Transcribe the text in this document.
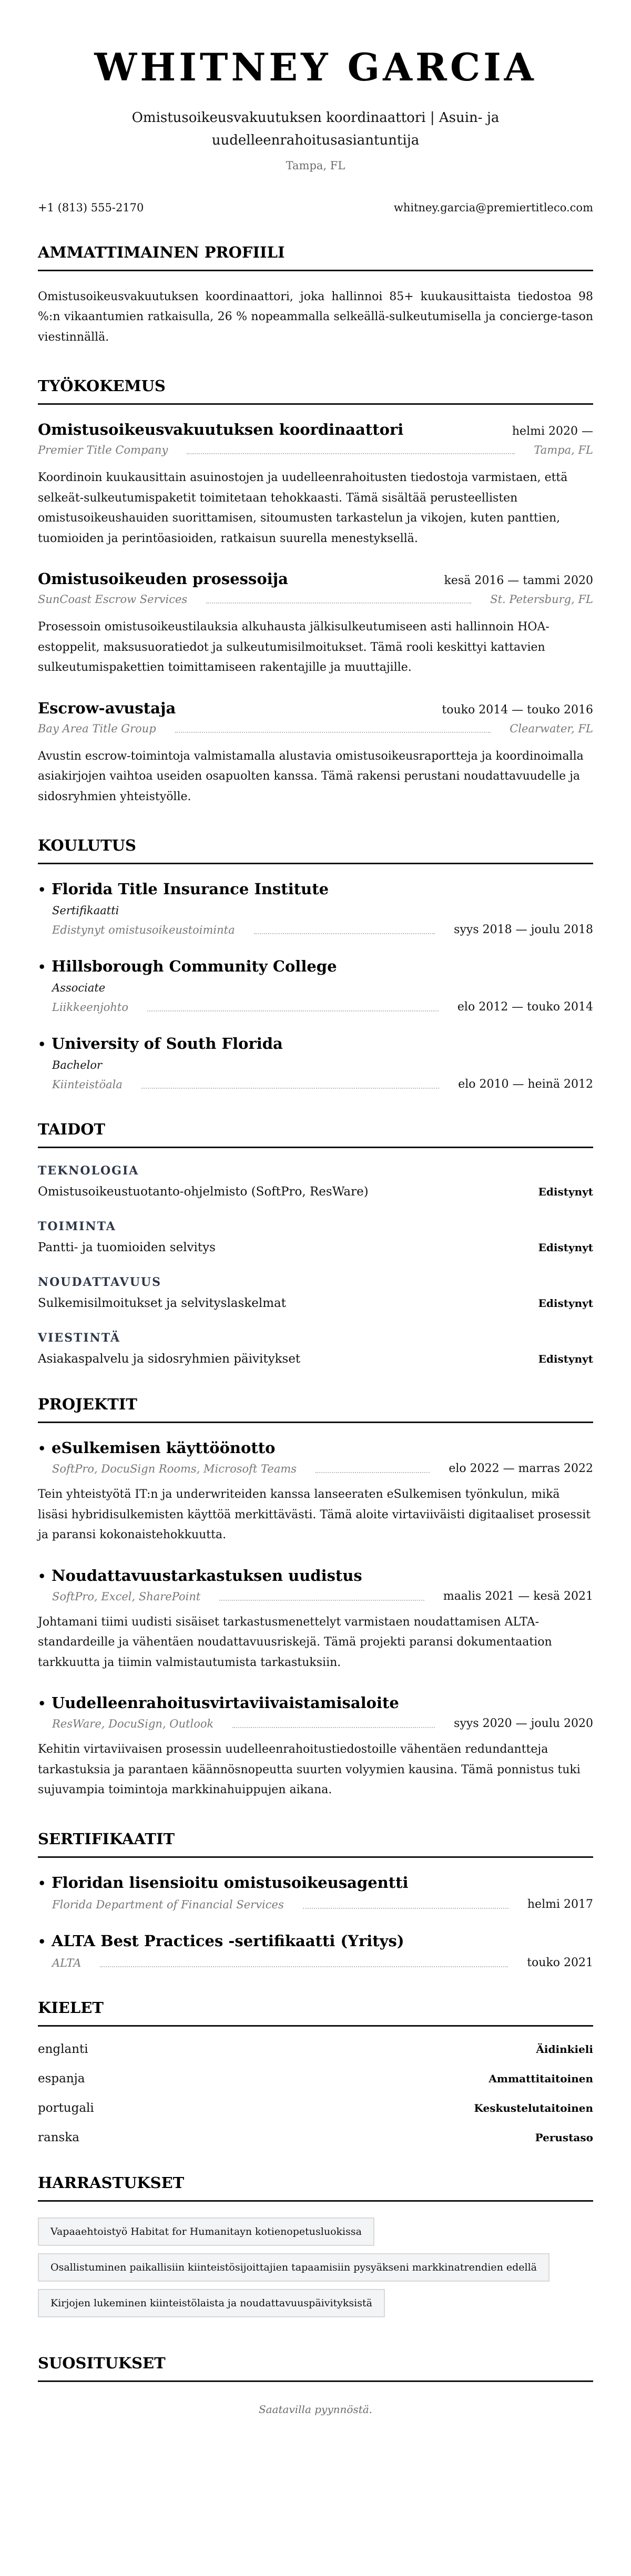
WHITNEY GARCIA
Omistusoikeusvakuutuksen koordinaattori | Asuin- ja uudelleenrahoitusasiantuntija
Tampa, FL
+1 (813) 555-2170	whitney.garcia@premiertitleco.com
AMMATTIMAINEN PROFIILI

Omistusoikeusvakuutuksen koordinaattori, joka hallinnoi 85+ kuukausittaista tiedostoa 98 %:n vikaantumien ratkaisulla, 26 % nopeammalla selkeällä-sulkeutumisella ja concierge-tason viestinnällä.

TYÖKOKEMUS
Omistusoikeusvakuutuksen koordinaattori	helmi 2020 —
Premier Title Company	Tampa, FL

Koordinoin kuukausittain asuinostojen ja uudelleenrahoitusten tiedostoja varmistaen, että selkeät-sulkeutumispaketit toimitetaan tehokkaasti. Tämä sisältää perusteellisten omistusoikeushauiden suorittamisen, sitoumusten tarkastelun ja vikojen, kuten panttien, tuomioiden ja perintöasioiden, ratkaisun suurella menestyksellä.

Omistusoikeuden prosessoija	kesä 2016 — tammi 2020
SunCoast Escrow Services	St. Petersburg, FL

Prosessoin omistusoikeustilauksia alkuhausta jälkisulkeutumiseen asti hallinnoin HOA-estoppelit, maksusuoratiedot ja sulkeutumisilmoitukset. Tämä rooli keskittyi kattavien sulkeutumispakettien toimittamiseen rakentajille ja muuttajille.

Escrow-avustaja	touko 2014 — touko 2016
Bay Area Title Group	Clearwater, FL

Avustin escrow-toimintoja valmistamalla alustavia omistusoikeusraportteja ja koordinoimalla asiakirjojen vaihtoa useiden osapuolten kanssa. Tämä rakensi perustani noudattavuudelle ja sidosryhmien yhteistyölle.

KOULUTUS
• Florida Title Insurance Institute
Sertifikaatti
Edistynyt omistusoikeustoiminta	syys 2018 — joulu 2018
• Hillsborough Community College
Associate
Liikkeenjohto	elo 2012 — touko 2014
• University of South Florida
Bachelor
Kiinteistöala	elo 2010 — heinä 2012
TAIDOT
TEKNOLOGIA
Omistusoikeustuotanto-ohjelmisto (SoftPro, ResWare)	Edistynyt
TOIMINTA
Pantti- ja tuomioiden selvitys	Edistynyt
NOUDATTAVUUS
Sulkemisilmoitukset ja selvityslaskelmat	Edistynyt
VIESTINTÄ
Asiakaspalvelu ja sidosryhmien päivitykset	Edistynyt
PROJEKTIT
• eSulkemisen käyttöönotto
SoftPro, DocuSign Rooms, Microsoft Teams	elo 2022 — marras 2022

Tein yhteistyötä IT:n ja underwriteiden kanssa lanseeraten eSulkemisen työnkulun, mikä lisäsi hybridisulkemisten käyttöä merkittävästi. Tämä aloite virtaviiväisti digitaaliset prosessit ja paransi kokonaistehokkuutta.

• Noudattavuustarkastuksen uudistus
SoftPro, Excel, SharePoint	maalis 2021 — kesä 2021

Johtamani tiimi uudisti sisäiset tarkastusmenettelyt varmistaen noudattamisen ALTA-standardeille ja vähentäen noudattavuusriskejä. Tämä projekti paransi dokumentaation tarkkuutta ja tiimin valmistautumista tarkastuksiin.

• Uudelleenrahoitusvirtaviivaistamisaloite
ResWare, DocuSign, Outlook	syys 2020 — joulu 2020

Kehitin virtaviivaisen prosessin uudelleenrahoitustiedostoille vähentäen redundantteja tarkastuksia ja parantaen käännösnopeutta suurten volyymien kausina. Tämä ponnistus tuki sujuvampia toimintoja markkinahuippujen aikana.

SERTIFIKAATIT
• Floridan lisensioitu omistusoikeusagentti
Florida Department of Financial Services	helmi 2017
• ALTA Best Practices -sertifikaatti (Yritys)
ALTA	touko 2021
KIELET
englanti	Äidinkieli
espanja	Ammattitaitoinen
portugali	Keskustelutaitoinen
ranska	Perustaso
HARRASTUKSET
Vapaaehtoistyö Habitat for Humanitayn kotienopetusluokissa
Osallistuminen paikallisiin kiinteistösijoittajien tapaamisiin pysyäkseni markkinatrendien edellä
Kirjojen lukeminen kiinteistölaista ja noudattavuuspäivityksistä
SUOSITUKSET

Saatavilla pyynnöstä.
